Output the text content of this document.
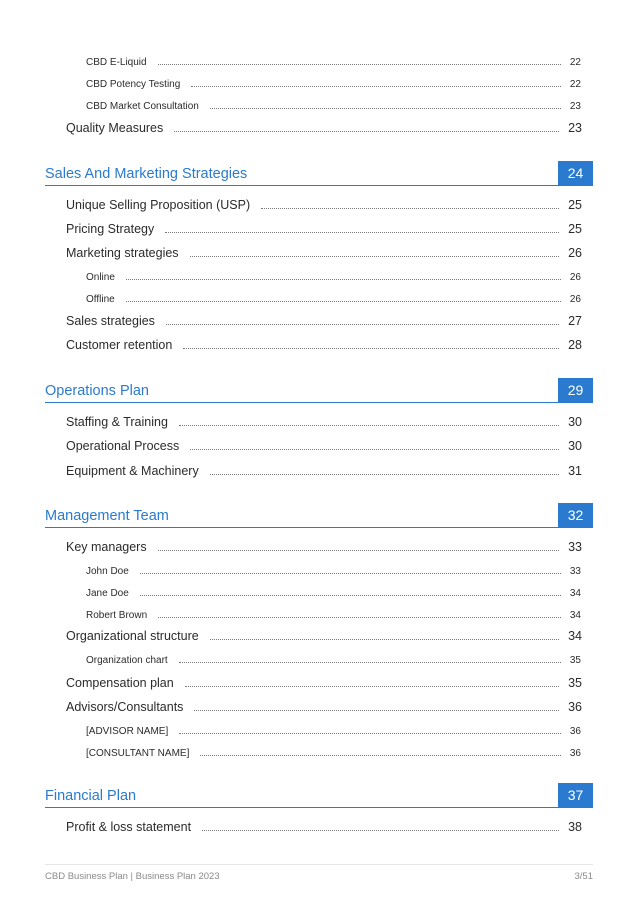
CBD E-Liquid	22
CBD Potency Testing	22
CBD Market Consultation	23
Quality Measures	23
Sales And Marketing Strategies	24
Unique Selling Proposition (USP)	25
Pricing Strategy	25
Marketing strategies	26
Online	26
Offline	26
Sales strategies	27
Customer retention	28
Operations Plan	29
Staffing & Training	30
Operational Process	30
Equipment & Machinery	31
Management Team	32
Key managers	33
John Doe	33
Jane Doe	34
Robert Brown	34
Organizational structure	34
Organization chart	35
Compensation plan	35
Advisors/Consultants	36
[ADVISOR NAME]	36
[CONSULTANT NAME]	36
Financial Plan	37
Profit & loss statement	38
CBD Business Plan | Business Plan 2023	3/51
